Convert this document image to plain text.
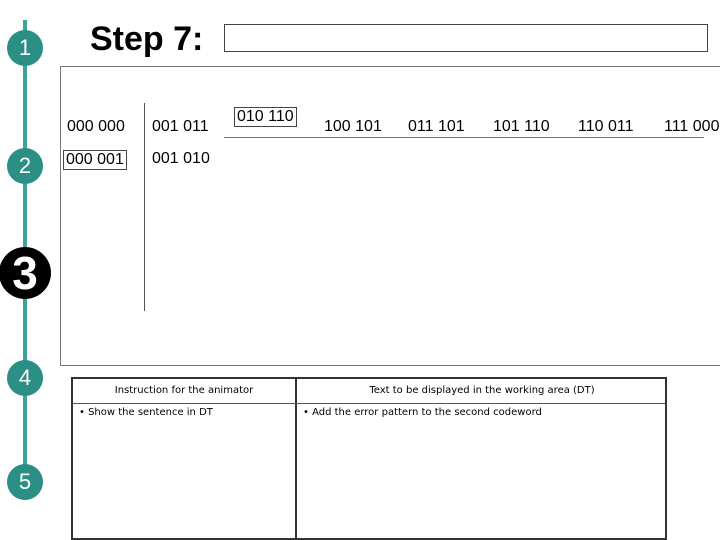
1
2
3
4
5
Step 7:
000 000 001 011
010 110
100 101 011 101 101 110 110 011 111 000
000 001 001 010
Instruction for the animator	Text to be displayed in the working area (DT)
• Show the sentence in DT	• Add the error pattern to the second codeword
